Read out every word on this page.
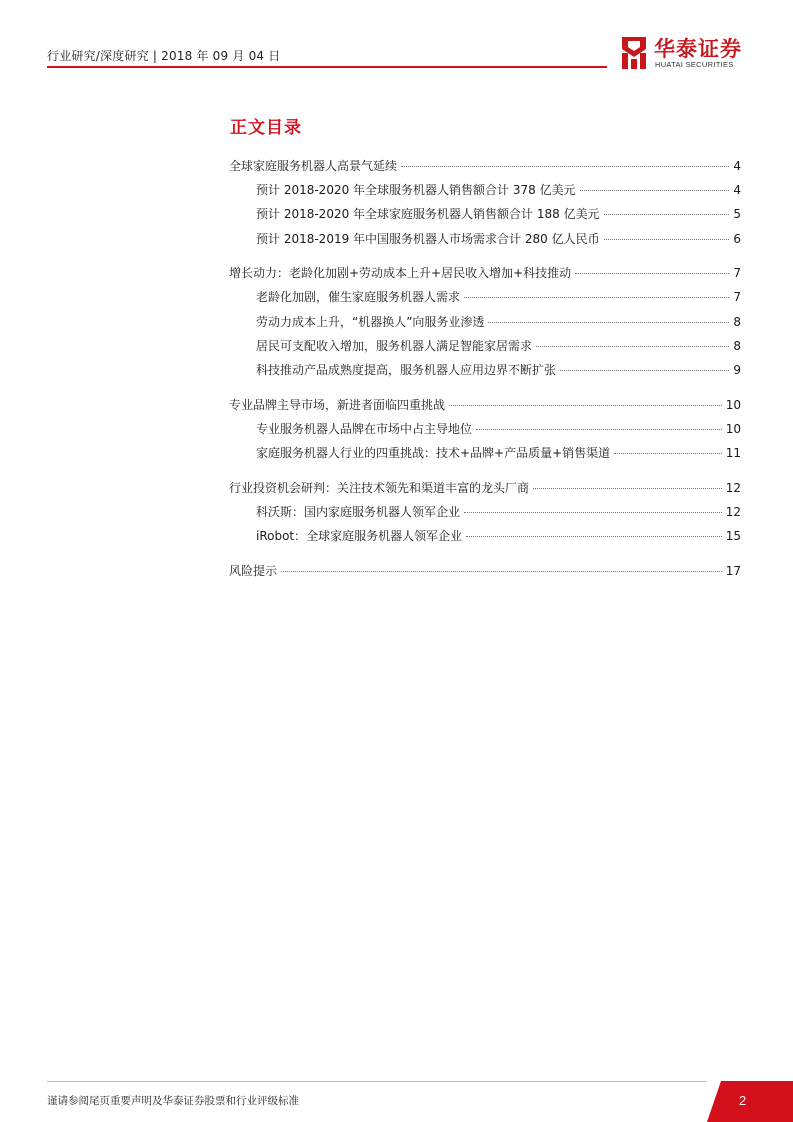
行业研究/深度研究 | 2018 年 09 月 04 日	华泰证券
HUATAI SECURITIES
正文目录
全球家庭服务机器人高景气延续	4
预计 2018-2020 年全球服务机器人销售额合计 378 亿美元	4
预计 2018-2020 年全球家庭服务机器人销售额合计 188 亿美元	5
预计 2018-2019 年中国服务机器人市场需求合计 280 亿人民币	6
增长动力：老龄化加剧+劳动成本上升+居民收入增加+科技推动	7
老龄化加剧，催生家庭服务机器人需求	7
劳动力成本上升，“机器换人”向服务业渗透	8
居民可支配收入增加，服务机器人满足智能家居需求	8
科技推动产品成熟度提高，服务机器人应用边界不断扩张	9
专业品牌主导市场，新进者面临四重挑战	10
专业服务机器人品牌在市场中占主导地位	10
家庭服务机器人行业的四重挑战：技术+品牌+产品质量+销售渠道	11
行业投资机会研判：关注技术领先和渠道丰富的龙头厂商	12
科沃斯：国内家庭服务机器人领军企业	12
iRobot：全球家庭服务机器人领军企业	15
风险提示	17
谨请参阅尾页重要声明及华泰证券股票和行业评级标准	2
